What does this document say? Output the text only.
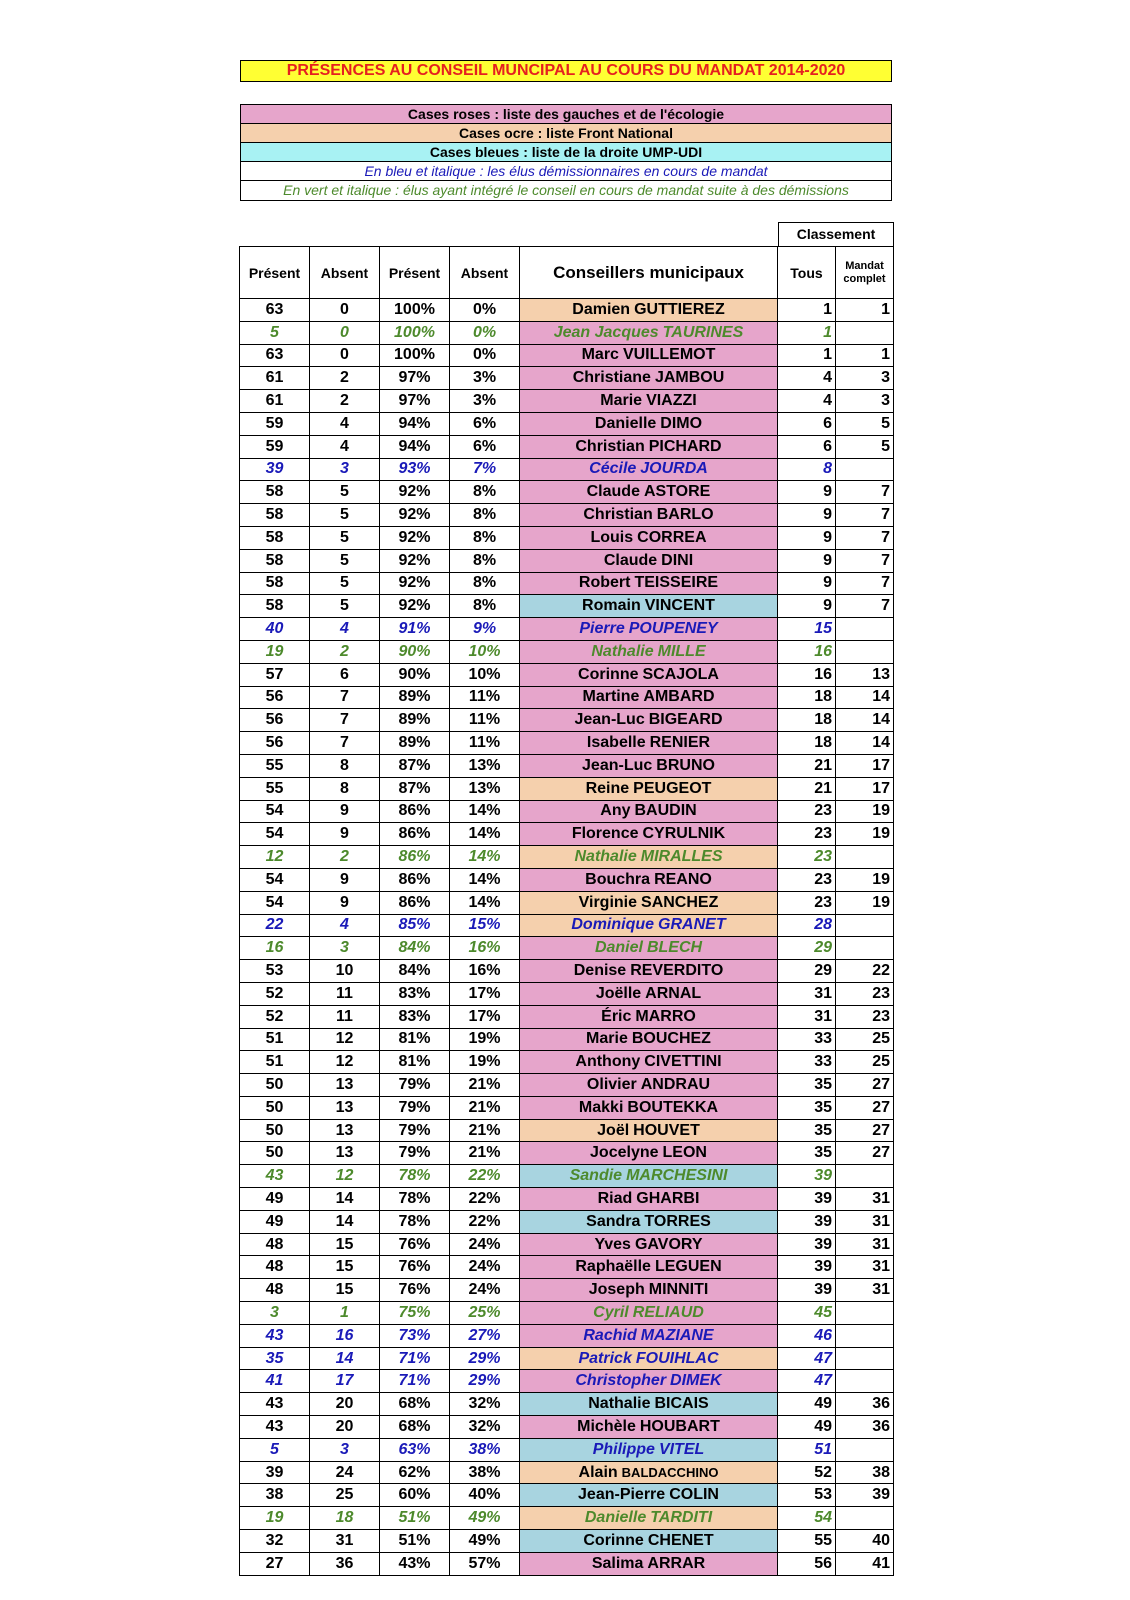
PRÉSENCES AU CONSEIL MUNCIPAL AU COURS DU MANDAT 2014-2020
Cases roses : liste des gauches et de l'écologie
Cases ocre : liste Front National
Cases bleues : liste de la droite UMP-UDI
En bleu et italique : les élus démissionnaires en cours de mandat
En vert et italique : élus ayant intégré le conseil en cours de mandat suite à des démissions
Classement
Présent	Absent	Présent	Absent	Conseillers municipaux	Tous	Mandat complet
63	0	100%	0%	Damien GUTTIEREZ	1	1
5	0	100%	0%	Jean Jacques TAURINES	1	
63	0	100%	0%	Marc VUILLEMOT	1	1
61	2	97%	3%	Christiane JAMBOU	4	3
61	2	97%	3%	Marie VIAZZI	4	3
59	4	94%	6%	Danielle DIMO	6	5
59	4	94%	6%	Christian PICHARD	6	5
39	3	93%	7%	Cécile JOURDA	8	
58	5	92%	8%	Claude ASTORE	9	7
58	5	92%	8%	Christian BARLO	9	7
58	5	92%	8%	Louis CORREA	9	7
58	5	92%	8%	Claude DINI	9	7
58	5	92%	8%	Robert TEISSEIRE	9	7
58	5	92%	8%	Romain VINCENT	9	7
40	4	91%	9%	Pierre POUPENEY	15	
19	2	90%	10%	Nathalie MILLE	16	
57	6	90%	10%	Corinne SCAJOLA	16	13
56	7	89%	11%	Martine AMBARD	18	14
56	7	89%	11%	Jean-Luc BIGEARD	18	14
56	7	89%	11%	Isabelle RENIER	18	14
55	8	87%	13%	Jean-Luc BRUNO	21	17
55	8	87%	13%	Reine PEUGEOT	21	17
54	9	86%	14%	Any BAUDIN	23	19
54	9	86%	14%	Florence CYRULNIK	23	19
12	2	86%	14%	Nathalie MIRALLES	23	
54	9	86%	14%	Bouchra REANO	23	19
54	9	86%	14%	Virginie SANCHEZ	23	19
22	4	85%	15%	Dominique GRANET	28	
16	3	84%	16%	Daniel BLECH	29	
53	10	84%	16%	Denise REVERDITO	29	22
52	11	83%	17%	Joëlle ARNAL	31	23
52	11	83%	17%	Éric MARRO	31	23
51	12	81%	19%	Marie BOUCHEZ	33	25
51	12	81%	19%	Anthony CIVETTINI	33	25
50	13	79%	21%	Olivier ANDRAU	35	27
50	13	79%	21%	Makki BOUTEKKA	35	27
50	13	79%	21%	Joël HOUVET	35	27
50	13	79%	21%	Jocelyne LEON	35	27
43	12	78%	22%	Sandie MARCHESINI	39	
49	14	78%	22%	Riad GHARBI	39	31
49	14	78%	22%	Sandra TORRES	39	31
48	15	76%	24%	Yves GAVORY	39	31
48	15	76%	24%	Raphaëlle LEGUEN	39	31
48	15	76%	24%	Joseph MINNITI	39	31
3	1	75%	25%	Cyril RELIAUD	45	
43	16	73%	27%	Rachid MAZIANE	46	
35	14	71%	29%	Patrick FOUIHLAC	47	
41	17	71%	29%	Christopher DIMEK	47	
43	20	68%	32%	Nathalie BICAIS	49	36
43	20	68%	32%	Michèle HOUBART	49	36
5	3	63%	38%	Philippe VITEL	51	
39	24	62%	38%	Alain BALDACCHINO	52	38
38	25	60%	40%	Jean-Pierre COLIN	53	39
19	18	51%	49%	Danielle TARDITI	54	
32	31	51%	49%	Corinne CHENET	55	40
27	36	43%	57%	Salima ARRAR	56	41
